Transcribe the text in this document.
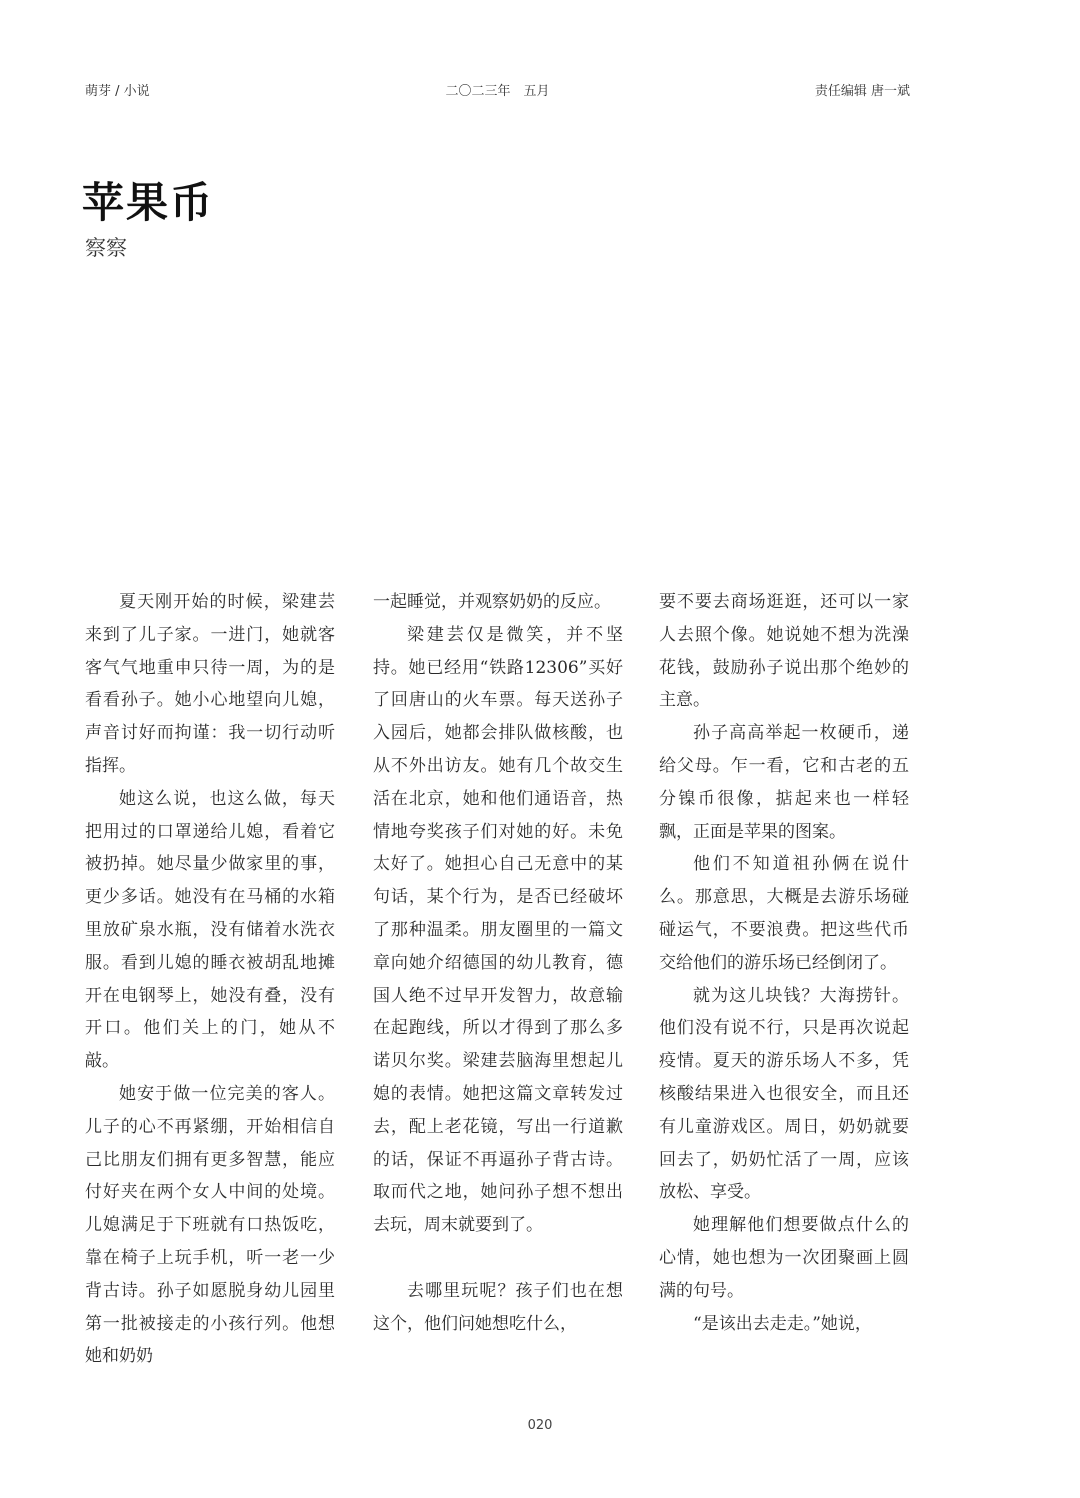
萌芽 / 小说	二〇二三年　五月	责任编辑 唐一斌
苹果币
察察

夏天刚开始的时候，梁建芸来到了儿子家。一进门，她就客客气气地重申只待一周，为的是看看孙子。她小心地望向儿媳，声音讨好而拘谨：我一切行动听指挥。

她这么说，也这么做，每天把用过的口罩递给儿媳，看着它被扔掉。她尽量少做家里的事，更少多话。她没有在马桶的水箱里放矿泉水瓶，没有储着水洗衣服。看到儿媳的睡衣被胡乱地摊开在电钢琴上，她没有叠，没有开口。他们关上的门，她从不敲。

她安于做一位完美的客人。儿子的心不再紧绷，开始相信自己比朋友们拥有更多智慧，能应付好夹在两个女人中间的处境。儿媳满足于下班就有口热饭吃，靠在椅子上玩手机，听一老一少背古诗。孙子如愿脱身幼儿园里第一批被接走的小孩行列。他想她和奶奶

一起睡觉，并观察奶奶的反应。

梁建芸仅是微笑，并不坚持。她已经用“铁路12306”买好了回唐山的火车票。每天送孙子入园后，她都会排队做核酸，也从不外出访友。她有几个故交生活在北京，她和他们通语音，热情地夸奖孩子们对她的好。未免太好了。她担心自己无意中的某句话，某个行为，是否已经破坏了那种温柔。朋友圈里的一篇文章向她介绍德国的幼儿教育，德国人绝不过早开发智力，故意输在起跑线，所以才得到了那么多诺贝尔奖。梁建芸脑海里想起儿媳的表情。她把这篇文章转发过去，配上老花镜，写出一行道歉的话，保证不再逼孙子背古诗。取而代之地，她问孙子想不想出去玩，周末就要到了。

去哪里玩呢？孩子们也在想这个，他们问她想吃什么，

要不要去商场逛逛，还可以一家人去照个像。她说她不想为洗澡花钱，鼓励孙子说出那个绝妙的主意。

孙子高高举起一枚硬币，递给父母。乍一看，它和古老的五分镍币很像，掂起来也一样轻飘，正面是苹果的图案。

他们不知道祖孙俩在说什么。那意思，大概是去游乐场碰碰运气，不要浪费。把这些代币交给他们的游乐场已经倒闭了。

就为这儿块钱？大海捞针。他们没有说不行，只是再次说起疫情。夏天的游乐场人不多，凭核酸结果进入也很安全，而且还有儿童游戏区。周日，奶奶就要回去了，奶奶忙活了一周，应该放松、享受。

她理解他们想要做点什么的心情，她也想为一次团聚画上圆满的句号。

“是该出去走走。”她说，

020
